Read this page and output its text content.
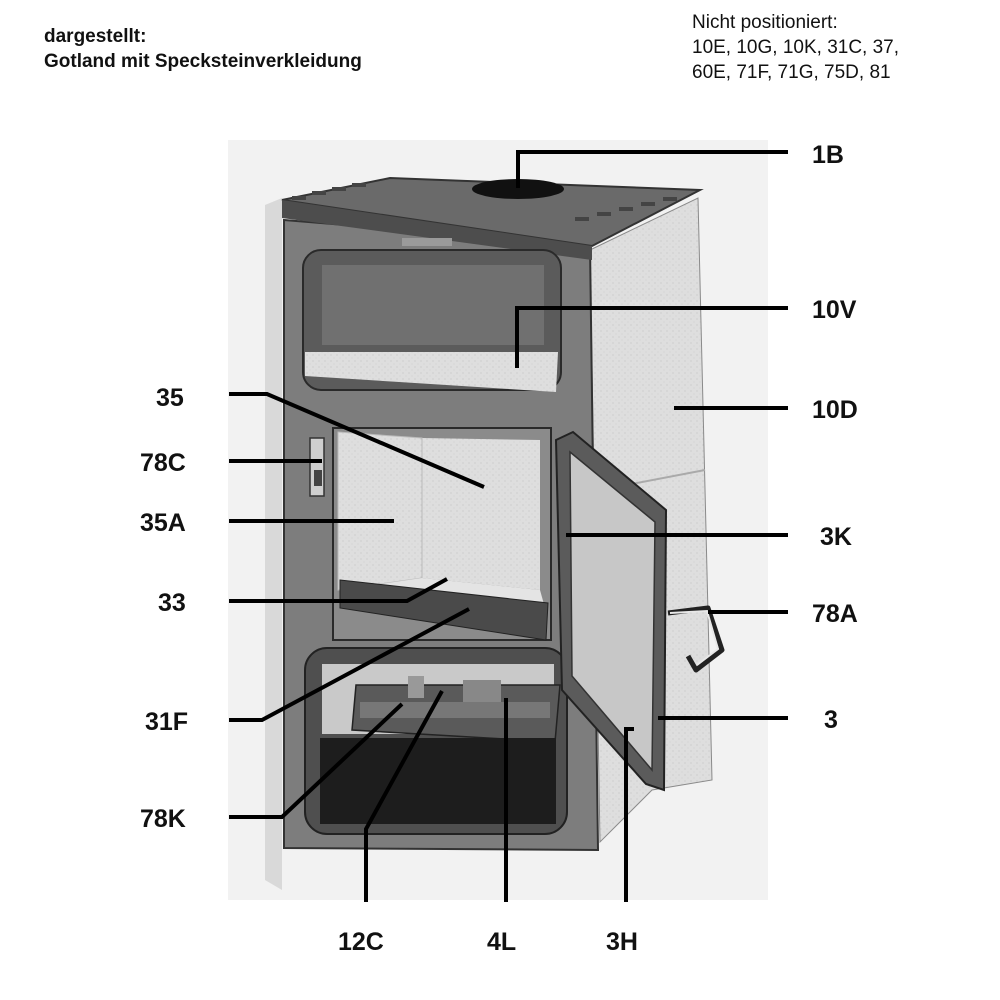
dargestellt:
Gotland mit Specksteinverkleidung
Nicht positioniert:
10E, 10G, 10K, 31C, 37,
60E, 71F, 71G, 75D, 81
1B
10V
10D
3K
78A
3
35
78C
35A
33
31F
78K
12C	4L	3H
